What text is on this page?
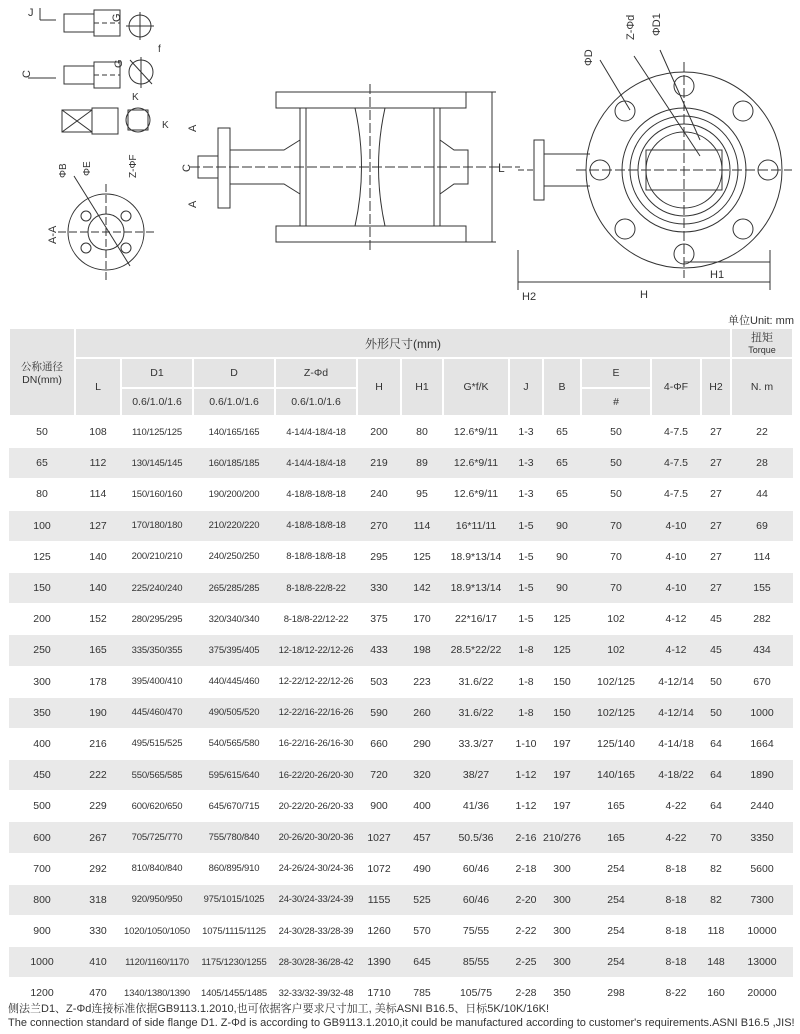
J	G
C
G
f
K
K
A-A
ΦB ΦE	Z-ΦF
A
C
A
L
ΦD
Z-Φd ΦD1
H1
H2	H
单位Unit: mm
公称通径DN(mm)	外形尺寸(mm)												扭矩
Torque

	L	D1	D	Z-Φd	H	H1	G*f/K	J	B	E	4-ΦF	H2	N. m
		0.6/1.0/1.6	0.6/1.0/1.6	0.6/1.0/1.6						#			
50	108	110/125/125	140/165/165	4-14/4-18/4-18	200	80	12.6*9/11	1-3	65	50	4-7.5	27	22
65	112	130/145/145	160/185/185	4-14/4-18/4-18	219	89	12.6*9/11	1-3	65	50	4-7.5	27	28
80	114	150/160/160	190/200/200	4-18/8-18/8-18	240	95	12.6*9/11	1-3	65	50	4-7.5	27	44
100	127	170/180/180	210/220/220	4-18/8-18/8-18	270	114	16*11/11	1-5	90	70	4-10	27	69
125	140	200/210/210	240/250/250	8-18/8-18/8-18	295	125	18.9*13/14	1-5	90	70	4-10	27	114
150	140	225/240/240	265/285/285	8-18/8-22/8-22	330	142	18.9*13/14	1-5	90	70	4-10	27	155
200	152	280/295/295	320/340/340	8-18/8-22/12-22	375	170	22*16/17	1-5	125	102	4-12	45	282
250	165	335/350/355	375/395/405	12-18/12-22/12-26	433	198	28.5*22/22	1-8	125	102	4-12	45	434
300	178	395/400/410	440/445/460	12-22/12-22/12-26	503	223	31.6/22	1-8	150	102/125	4-12/14	50	670
350	190	445/460/470	490/505/520	12-22/16-22/16-26	590	260	31.6/22	1-8	150	102/125	4-12/14	50	1000
400	216	495/515/525	540/565/580	16-22/16-26/16-30	660	290	33.3/27	1-10	197	125/140	4-14/18	64	1664
450	222	550/565/585	595/615/640	16-22/20-26/20-30	720	320	38/27	1-12	197	140/165	4-18/22	64	1890
500	229	600/620/650	645/670/715	20-22/20-26/20-33	900	400	41/36	1-12	197	165	4-22	64	2440
600	267	705/725/770	755/780/840	20-26/20-30/20-36	1027	457	50.5/36	2-16	210/276	165	4-22	70	3350
700	292	810/840/840	860/895/910	24-26/24-30/24-36	1072	490	60/46	2-18	300	254	8-18	82	5600
800	318	920/950/950	975/1015/1025	24-30/24-33/24-39	1155	525	60/46	2-20	300	254	8-18	82	7300
900	330	1020/1050/1050	1075/1115/1125	24-30/28-33/28-39	1260	570	75/55	2-22	300	254	8-18	118	10000
1000	410	1120/1160/1170	1175/1230/1255	28-30/28-36/28-42	1390	645	85/55	2-25	300	254	8-18	148	13000
1200	470	1340/1380/1390	1405/1455/1485	32-33/32-39/32-48	1710	785	105/75	2-28	350	298	8-22	160	20000
侧法兰D1、Z-Φd连接标准依据GB9113.1.2010,也可依据客户要求尺寸加工, 美标ASNI B16.5、日标5K/10K/16K!
The connection standard of side flange D1. Z-Φd is according to GB9113.1.2010,it could be manufactured according to customer's requirements.ASNI B16.5 ,JIS!
